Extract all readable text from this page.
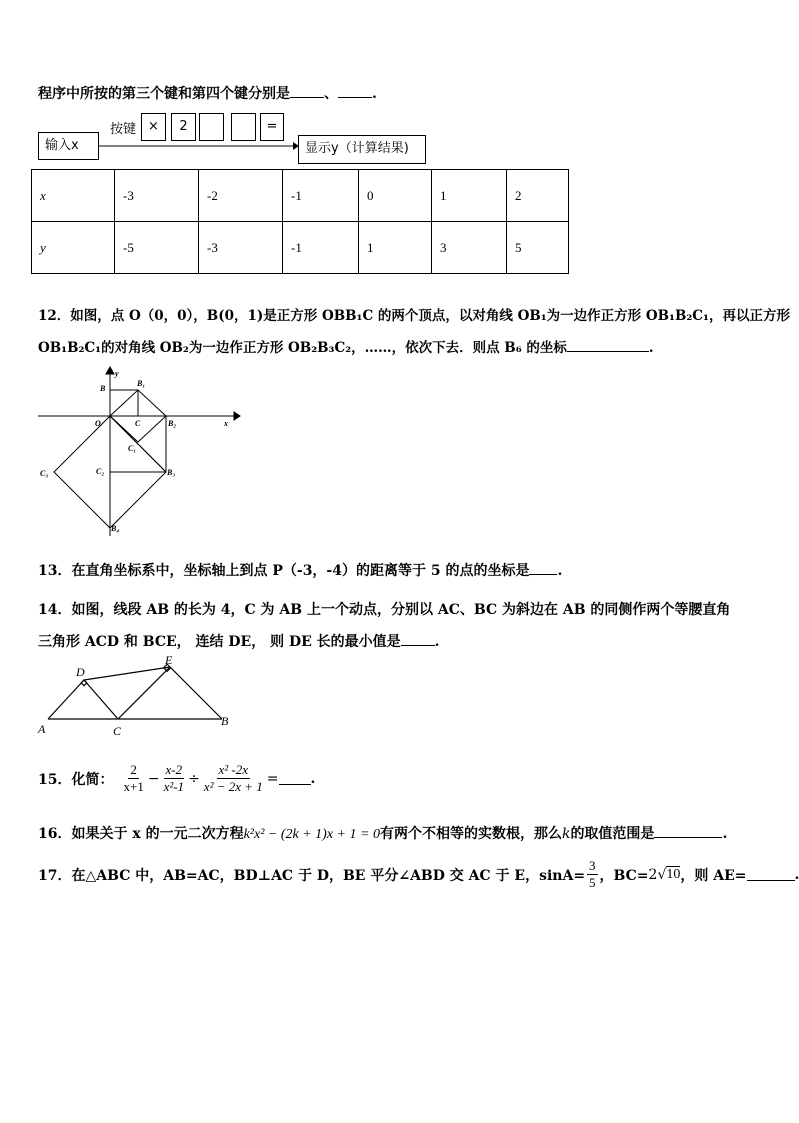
程序中所按的第三个键和第四个键分别是 、 .
按键 ×	2	=
输入x	显示y（计算结果)
x	-3	-2	-1	0	1	2
y	-5	-3	-1	1	3	5
12．如图，点 O（0，0），B(0，1)是正方形 OBB₁C 的两个顶点，以对角线 OB₁为一边作正方形 OB₁B₂C₁，再以正方形
OB₁B₂C₁的对角线 OB₂为一边作正方形 OB₂B₃C₂，……，依次下去．则点 B₆ 的坐标	.
y
x
B
B₁
O	C	B₂
C₁
C₂	B₃
C₃
B₄
13．在直角坐标系中，坐标轴上到点 P（-3，-4）的距离等于 5 的点的坐标是 .
14．如图，线段 AB 的长为 4，C 为 AB 上一个动点，分别以 AC、BC 为斜边在 AB 的同侧作两个等腰直角
三角形 ACD 和 BCE， 连结 DE， 则 DE 长的最小值是 .
A
B
C
D
E
15．化简： $\frac{2}{x+1} - \frac{x-2}{\text{x²-1}} \div \frac{\text{x² -2x}}{\text{x² − 2x + 1}}$ = .
16．如果关于 x 的一元二次方程k²x² − (2k + 1)x + 1 = 0有两个不相等的实数根，那么k的取值范围是	.
17．在△ABC 中，AB=AC，BD⊥AC 于 D，BE 平分∠ABD 交 AC 于 E，$\sin A= \frac{3}{5}$ ，BC= 2 √ 10 ，则 AE=	.
